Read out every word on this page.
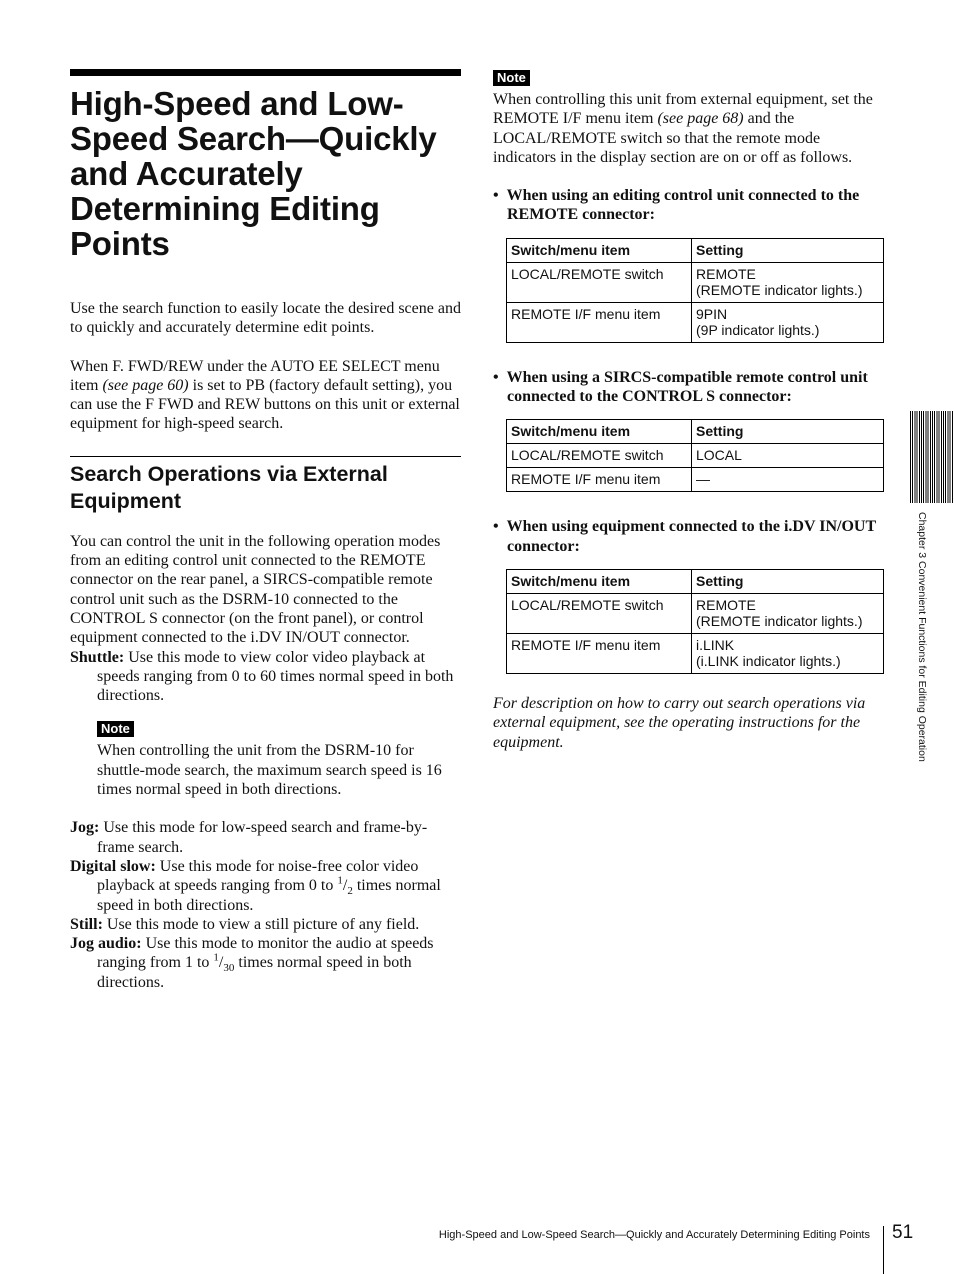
High-Speed and Low-Speed Search—Quickly and Accurately Determining Editing Points

Use the search function to easily locate the desired scene and to quickly and accurately determine edit points.

When F. FWD/REW under the AUTO EE SELECT menu item (see page 60) is set to PB (factory default setting), you can use the F FWD and REW buttons on this unit or external equipment for high-speed search.

Search Operations via External Equipment

You can control the unit in the following operation modes from an editing control unit connected to the REMOTE connector on the rear panel, a SIRCS-compatible remote control unit such as the DSRM-10 connected to the CONTROL S connector (on the front panel), or control equipment connected to the i.DV IN/OUT connector.

Shuttle: Use this mode to view color video playback at speeds ranging from 0 to 60 times normal speed in both directions.

Note

When controlling the unit from the DSRM-10 for shuttle-mode search, the maximum search speed is 16 times normal speed in both directions.

Jog: Use this mode for low-speed search and frame-by-frame search.

Digital slow: Use this mode for noise-free color video playback at speeds ranging from 0 to $^1/_2$ times normal speed in both directions.

Still: Use this mode to view a still picture of any field.

Jog audio: Use this mode to monitor the audio at speeds ranging from 1 to $^1/_{30}$ times normal speed in both directions.

Note

When controlling this unit from external equipment, set the REMOTE I/F menu item (see page 68) and the LOCAL/REMOTE switch so that the remote mode indicators in the display section are on or off as follows.

•  When using an editing control unit connected to the REMOTE connector:

Switch/menu item	Setting
LOCAL/REMOTE switch	REMOTE
(REMOTE indicator lights.)

REMOTE I/F menu item	9PIN
(9P indicator lights.)

•  When using a SIRCS-compatible remote control unit connected to the CONTROL S connector:

Switch/menu item	Setting
LOCAL/REMOTE switch	LOCAL
REMOTE I/F menu item	—

•  When using equipment connected to the i.DV IN/OUT connector:

Switch/menu item	Setting
LOCAL/REMOTE switch	REMOTE
(REMOTE indicator lights.)

REMOTE I/F menu item	i.LINK
(i.LINK indicator lights.)

For description on how to carry out search operations via external equipment, see the operating instructions for the equipment.	Chapter 3 Convenient Functions for Editing Operation
High-Speed and Low-Speed Search—Quickly and Accurately Determining Editing Points 51
